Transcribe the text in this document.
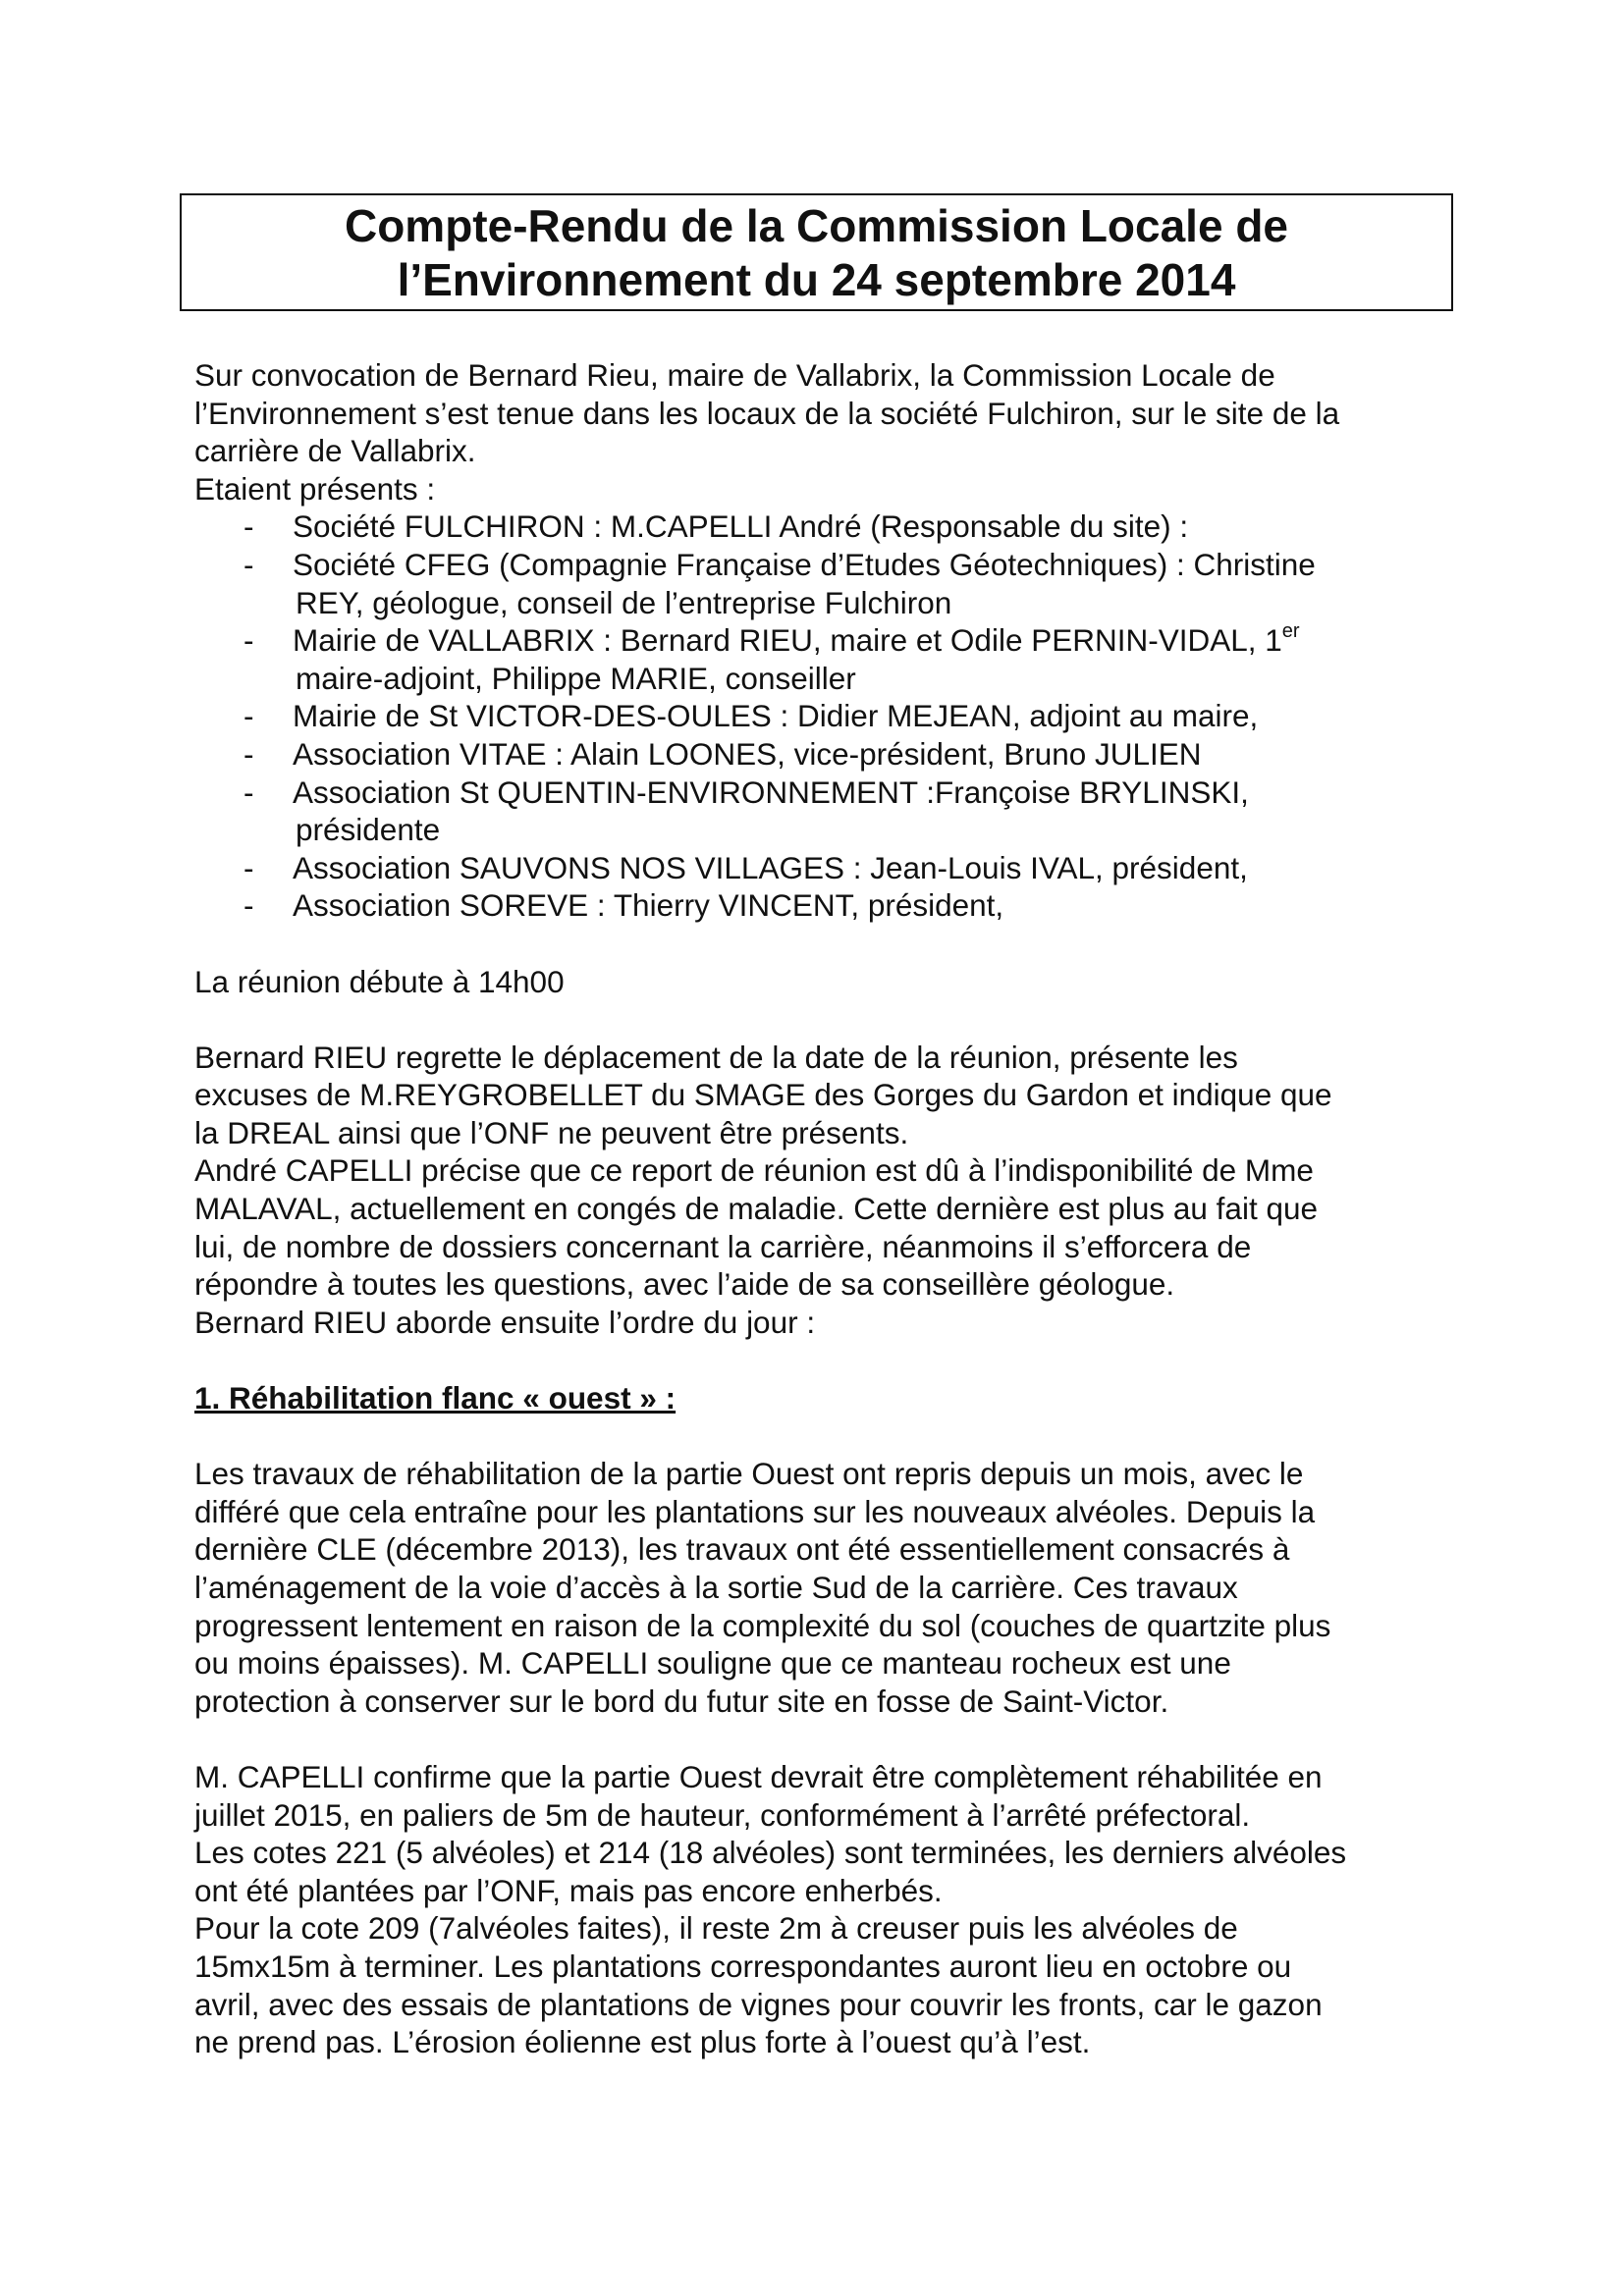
Compte-Rendu de la Commission Locale de
l’Environnement du 24 septembre 2014
Sur convocation de Bernard Rieu, maire de Vallabrix, la Commission Locale de
l’Environnement s’est tenue dans les locaux de la société Fulchiron, sur le site de la
carrière de Vallabrix.
Etaient présents :
- Société FULCHIRON : M.CAPELLI André (Responsable du site) :
- Société CFEG (Compagnie Française d’Etudes Géotechniques) : Christine
REY, géologue, conseil de l’entreprise Fulchiron
- Mairie de VALLABRIX : Bernard RIEU, maire et Odile PERNIN-VIDAL, 1er
maire-adjoint, Philippe MARIE, conseiller
- Mairie de St VICTOR-DES-OULES : Didier MEJEAN, adjoint au maire,
- Association VITAE : Alain LOONES, vice-président, Bruno JULIEN
- Association St QUENTIN-ENVIRONNEMENT :Françoise BRYLINSKI,
présidente
- Association SAUVONS NOS VILLAGES : Jean-Louis IVAL, président,
- Association SOREVE : Thierry VINCENT, président,
La réunion débute à 14h00
Bernard RIEU regrette le déplacement de la date de la réunion, présente les
excuses de M.REYGROBELLET du SMAGE des Gorges du Gardon et indique que
la DREAL ainsi que l’ONF ne peuvent être présents.
André CAPELLI précise que ce report de réunion est dû à l’indisponibilité de Mme
MALAVAL, actuellement en congés de maladie. Cette dernière est plus au fait que
lui, de nombre de dossiers concernant la carrière, néanmoins il s’efforcera de
répondre à toutes les questions, avec l’aide de sa conseillère géologue.
Bernard RIEU aborde ensuite l’ordre du jour :
1. Réhabilitation flanc « ouest » :
Les travaux de réhabilitation de la partie Ouest ont repris depuis un mois, avec le
différé que cela entraîne pour les plantations sur les nouveaux alvéoles. Depuis la
dernière CLE (décembre 2013), les travaux ont été essentiellement consacrés à
l’aménagement de la voie d’accès à la sortie Sud de la carrière. Ces travaux
progressent lentement en raison de la complexité du sol (couches de quartzite plus
ou moins épaisses). M. CAPELLI souligne que ce manteau rocheux est une
protection à conserver sur le bord du futur site en fosse de Saint-Victor.
M. CAPELLI confirme que la partie Ouest devrait être complètement réhabilitée en
juillet 2015, en paliers de 5m de hauteur, conformément à l’arrêté préfectoral.
Les cotes 221 (5 alvéoles) et 214 (18 alvéoles) sont terminées, les derniers alvéoles
ont été plantées par l’ONF, mais pas encore enherbés.
Pour la cote 209 (7alvéoles faites), il reste 2m à creuser puis les alvéoles de
15mx15m à terminer. Les plantations correspondantes auront lieu en octobre ou
avril, avec des essais de plantations de vignes pour couvrir les fronts, car le gazon
ne prend pas. L’érosion éolienne est plus forte à l’ouest qu’à l’est.
